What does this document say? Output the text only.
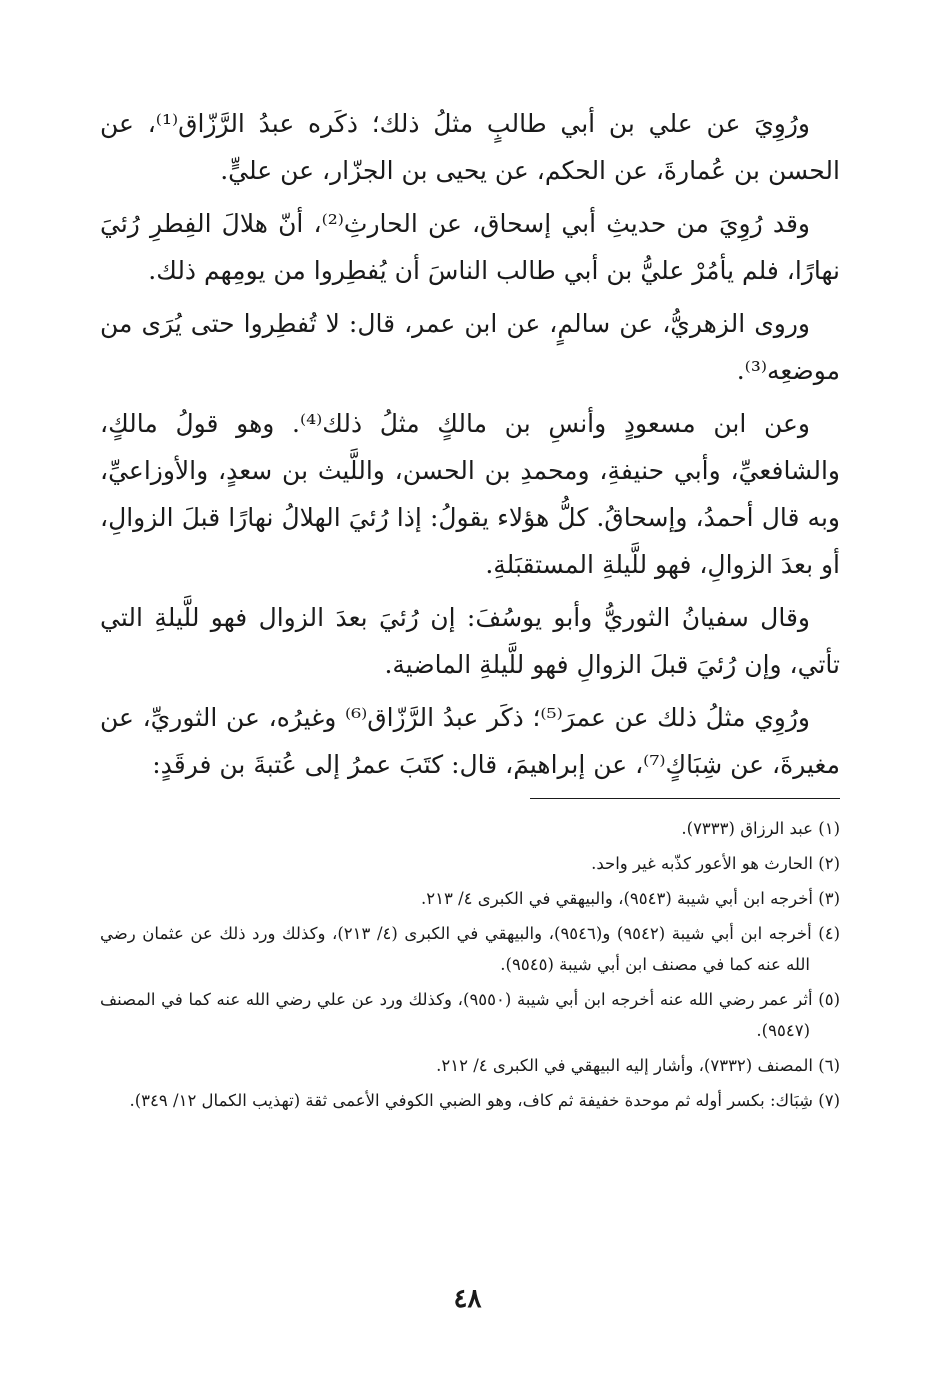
ورُوِيَ عن علي بن أبي طالبٍ مثلُ ذلك؛ ذكَره عبدُ الرَّزّاق⁽¹⁾، عن الحسن بن عُمارةَ، عن الحكم، عن يحيى بن الجزّار، عن عليٍّ.

وقد رُوِيَ من حديثِ أبي إسحاق، عن الحارثِ⁽²⁾، أنّ هلالَ الفِطرِ رُئيَ نهارًا، فلم يأمُرْ عليُّ بن أبي طالب الناسَ أن يُفطِروا من يومِهم ذلك.

وروى الزهريُّ، عن سالمٍ، عن ابن عمر، قال: لا تُفطِروا حتى يُرَى من موضعِه⁽³⁾.

وعن ابن مسعودٍ وأنسِ بن مالكٍ مثلُ ذلك⁽⁴⁾. وهو قولُ مالكٍ، والشافعيِّ، وأبي حنيفةِ، ومحمدِ بن الحسن، واللَّيث بن سعدٍ، والأوزاعيِّ، وبه قال أحمدُ، وإسحاقُ. كلُّ هؤلاء يقولُ: إذا رُئيَ الهلالُ نهارًا قبلَ الزوالِ، أو بعدَ الزوالِ، فهو للَّيلةِ المستقبَلةِ.

وقال سفيانُ الثوريُّ وأبو يوسُفَ: إن رُئيَ بعدَ الزوال فهو للَّيلةِ التي تأتي، وإن رُئيَ قبلَ الزوالِ فهو للَّيلةِ الماضية.

ورُوِي مثلُ ذلك عن عمرَ⁽⁵⁾؛ ذكَر عبدُ الرَّزّاق⁽⁶⁾ وغيرُه، عن الثوريِّ، عن مغيرةَ، عن شِبَاكٍ⁽⁷⁾، عن إبراهيمَ، قال: كتَبَ عمرُ إلى عُتبةَ بن فرقَدٍ:

(١) عبد الرزاق (٧٣٣٣).

(٢) الحارث هو الأعور كذّبه غير واحد.

(٣) أخرجه ابن أبي شيبة (٩٥٤٣)، والبيهقي في الكبرى ٤/ ٢١٣.

(٤) أخرجه ابن أبي شيبة (٩٥٤٢) و(٩٥٤٦)، والبيهقي في الكبرى (٤/ ٢١٣)، وكذلك ورد ذلك عن عثمان رضي الله عنه كما في مصنف ابن أبي شيبة (٩٥٤٥).

(٥) أثر عمر رضي الله عنه أخرجه ابن أبي شيبة (٩٥٥٠)، وكذلك ورد عن علي رضي الله عنه كما في المصنف (٩٥٤٧).

(٦) المصنف (٧٣٣٢)، وأشار إليه البيهقي في الكبرى ٤/ ٢١٢.

(٧) شِبَاك: بكسر أوله ثم موحدة خفيفة ثم كاف، وهو الضبي الكوفي الأعمى ثقة (تهذيب الكمال ١٢/ ٣٤٩).

٤٨
